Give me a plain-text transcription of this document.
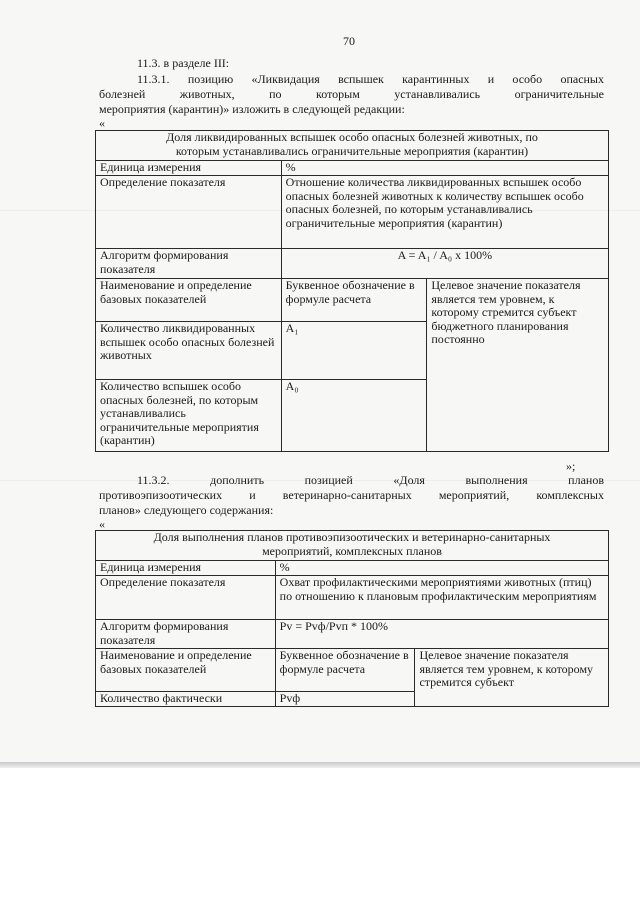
70
11.3. в разделе III:
11.3.1. позицию «Ликвидация вспышек карантинных и особо опасных
болезней животных, по которым устанавливались ограничительные
мероприятия (карантин)» изложить в следующей редакции:
«
Доля ликвидированных вспышек особо опасных болезней животных, по
которым устанавливались ограничительные мероприятия (карантин)		

Единица измерения	%	
Определение показателя	Отношение количества ликвидированных вспышек особо опасных болезней животных к количеству вспышек особо опасных болезней, по которым устанавливались ограничительные мероприятия (карантин)	
Алгоритм формирования показателя	A = A₁ / A₀ x 100%	
Наименование и определение базовых показателей	Буквенное обозначение в формуле расчета	Целевое значение показателя является тем уровнем, к которому стремится субъект бюджетного планирования постоянно
Количество ликвидированных вспышек особо опасных болезней животных	A₁	
Количество вспышек особо опасных болезней, по которым устанавливались ограничительные мероприятия (карантин)	A₀	
»;
11.3.2. дополнить позицией «Доля выполнения планов
противоэпизоотических и ветеринарно-санитарных мероприятий, комплексных
планов» следующего содержания:
«
Доля выполнения планов противоэпизоотических и ветеринарно-санитарных
мероприятий, комплексных планов		

Единица измерения	%	
Определение показателя	Охват профилактическими мероприятиями животных (птиц) по отношению к плановым профилактическим мероприятиям	
Алгоритм формирования показателя	Pv = Pvф/Pvп * 100%	
Наименование и определение базовых показателей	Буквенное обозначение в формуле расчета	Целевое значение показателя является тем уровнем, к которому стремится субъект
Количество фактически	Pvф	
